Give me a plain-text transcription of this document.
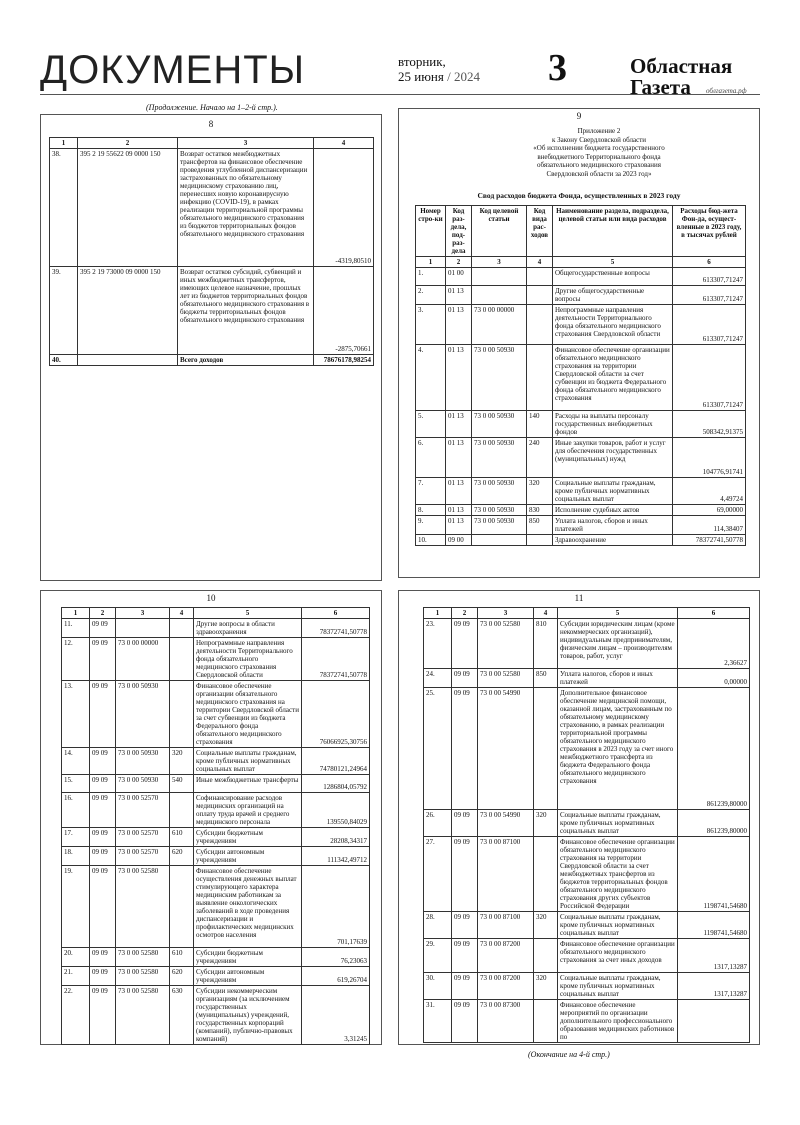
ДОКУМЕНТЫ	вторник,
25 июня / 2024 3	Областная
Газета	облгазета.рф
(Продолжение. Начало на 1–2-й стр.).
8
1	2	3	4
38.	395 2 19 55622 09 0000 150	Возврат остатков межбюджетных трансфертов на финансовое обеспечение проведения углубленной диспансеризации застрахованных по обязательному медицинскому страхованию лиц, перенесших новую коронавирусную инфекцию (COVID-19), в рамках реализации территориальной программы обязательного медицинского страхования из бюджетов территориальных фондов обязательного медицинского страхования	-4319,80510
39.	395 2 19 73000 09 0000 150	Возврат остатков субсидий, субвенций и иных межбюджетных трансфертов, имеющих целевое назначение, прошлых лет из бюджетов территориальных фондов обязательного медицинского страхования в бюджеты территориальных фондов обязательного медицинского страхования	-2875,70661
40.		Всего доходов	78676178,98254
9
Приложение 2
к Закону Свердловской области
«Об исполнении бюджета государственного
внебюджетного Территориального фонда
обязательного медицинского страхования
Свердловской области за 2023 год»
Свод расходов бюджета Фонда, осуществленных в 2023 году
Номер стро-ки	Код раз-дела, под-раз-дела	Код целевой статьи	Код вида рас-ходов	Наименование раздела, подраздела, целевой статьи или вида расходов	Расходы бюд-жета Фон-да, осущест-вленные в 2023 году, в тысячах рублей
1	2	3	4	5	6
1.	01 00			Общегосударственные вопросы	613307,71247
2.	01 13			Другие общегосударственные вопросы	613307,71247
3.	01 13	73 0 00 00000		Непрограммные направления деятельности Территориального фонда обязательного медицинского страхования Свердловской области	613307,71247
4.	01 13	73 0 00 50930		Финансовое обеспечение организации обязательного медицинского страхования на территории Свердловской области за счет субвенции из бюджета Федерального фонда обязательного медицинского страхования	613307,71247
5.	01 13	73 0 00 50930	140	Расходы на выплаты персоналу государственных внебюджетных фондов	508342,91375
6.	01 13	73 0 00 50930	240	Иные закупки товаров, работ и услуг для обеспечения государственных (муниципальных) нужд	104776,91741
7.	01 13	73 0 00 50930	320	Социальные выплаты гражданам, кроме публичных нормативных социальных выплат	4,49724
8.	01 13	73 0 00 50930	830	Исполнение судебных актов	69,00000
9.	01 13	73 0 00 50930	850	Уплата налогов, сборов и иных платежей	114,38407
10.	09 00			Здравоохранение	78372741,50778
10
1	2	3	4	5	6
11.	09 09			Другие вопросы в области здравоохранения	78372741,50778
12.	09 09	73 0 00 00000		Непрограммные направления деятельности Территориального фонда обязательного медицинского страхования Свердловской области	78372741,50778
13.	09 09	73 0 00 50930		Финансовое обеспечение организации обязательного медицинского страхования на территории Свердловской области за счет субвенции из бюджета Федерального фонда обязательного медицинского страхования	76066925,30756
14.	09 09	73 0 00 50930	320	Социальные выплаты гражданам, кроме публичных нормативных социальных выплат	74780121,24964
15.	09 09	73 0 00 50930	540	Иные межбюджетные трансферты	1286804,05792
16.	09 09	73 0 00 52570		Софинансирование расходов медицинских организаций на оплату труда врачей и среднего медицинского персонала	139550,84029
17.	09 09	73 0 00 52570	610	Субсидии бюджетным учреждениям	28208,34317
18.	09 09	73 0 00 52570	620	Субсидии автономным учреждениям	111342,49712
19.	09 09	73 0 00 52580		Финансовое обеспечение осуществления денежных выплат стимулирующего характера медицинским работникам за выявление онкологических заболеваний в ходе проведения диспансеризации и профилактических медицинских осмотров населения	701,17639
20.	09 09	73 0 00 52580	610	Субсидии бюджетным учреждениям	76,23063
21.	09 09	73 0 00 52580	620	Субсидии автономным учреждениям	619,26704
22.	09 09	73 0 00 52580	630	Субсидии некоммерческим организациям (за исключением государственных (муниципальных) учреждений, государственных корпораций (компаний), публично-правовых компаний)	3,31245
11
1	2	3	4	5	6
23.	09 09	73 0 00 52580	810	Субсидии юридическим лицам (кроме некоммерческих организаций), индивидуальным предпринимателям, физическим лицам – производителям товаров, работ, услуг	2,36627
24.	09 09	73 0 00 52580	850	Уплата налогов, сборов и иных платежей	0,00000
25.	09 09	73 0 00 54990		Дополнительное финансовое обеспечение медицинской помощи, оказанной лицам, застрахованным по обязательному медицинскому страхованию, в рамках реализации территориальной программы обязательного медицинского страхования в 2023 году за счет иного межбюджетного трансферта из бюджета Федерального фонда обязательного медицинского страхования	861239,80000
26.	09 09	73 0 00 54990	320	Социальные выплаты гражданам, кроме публичных нормативных социальных выплат	861239,80000
27.	09 09	73 0 00 87100		Финансовое обеспечение организации обязательного медицинского страхования на территории Свердловской области за счет межбюджетных трансфертов из бюджетов территориальных фондов обязательного медицинского страхования других субъектов Российской Федерации	1198741,54680
28.	09 09	73 0 00 87100	320	Социальные выплаты гражданам, кроме публичных нормативных социальных выплат	1198741,54680
29.	09 09	73 0 00 87200		Финансовое обеспечение организации обязательного медицинского страхования за счет иных доходов	1317,13287
30.	09 09	73 0 00 87200	320	Социальные выплаты гражданам, кроме публичных нормативных социальных выплат	1317,13287
31.	09 09	73 0 00 87300		Финансовое обеспечение мероприятий по организации дополнительного профессионального образования медицинских работников по	
(Окончание на 4-й стр.)
